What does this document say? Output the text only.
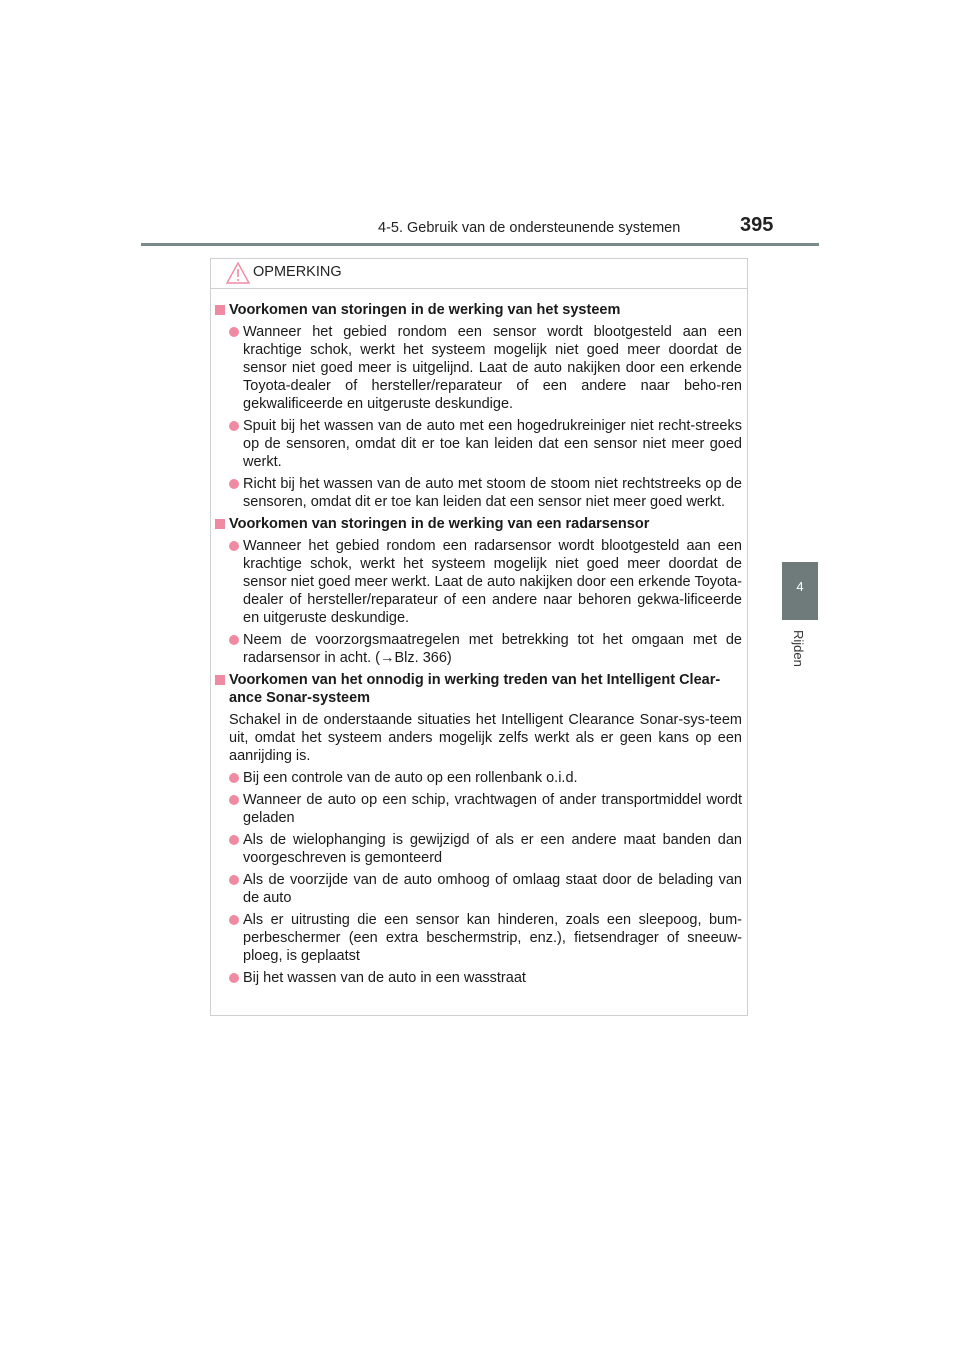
4-5. Gebruik van de ondersteunende systemen	395
4
Rijden
OPMERKING
Voorkomen van storingen in de werking van het systeem
Wanneer het gebied rondom een sensor wordt blootgesteld aan een krachtige schok, werkt het systeem mogelijk niet goed meer doordat de sensor niet goed meer is uitgelijnd. Laat de auto nakijken door een erkende Toyota-dealer of hersteller/reparateur of een andere naar beho-ren gekwalificeerde en uitgeruste deskundige.
Spuit bij het wassen van de auto met een hogedrukreiniger niet recht-streeks op de sensoren, omdat dit er toe kan leiden dat een sensor niet meer goed werkt.
Richt bij het wassen van de auto met stoom de stoom niet rechtstreeks op de sensoren, omdat dit er toe kan leiden dat een sensor niet meer goed werkt.
Voorkomen van storingen in de werking van een radarsensor
Wanneer het gebied rondom een radarsensor wordt blootgesteld aan een krachtige schok, werkt het systeem mogelijk niet goed meer doordat de sensor niet goed meer werkt. Laat de auto nakijken door een erkende Toyota-dealer of hersteller/reparateur of een andere naar behoren gekwa-lificeerde en uitgeruste deskundige.
Neem de voorzorgsmaatregelen met betrekking tot het omgaan met de radarsensor in acht. (→Blz. 366)
Voorkomen van het onnodig in werking treden van het Intelligent Clear-ance Sonar-systeem
Schakel in de onderstaande situaties het Intelligent Clearance Sonar-sys-teem uit, omdat het systeem anders mogelijk zelfs werkt als er geen kans op een aanrijding is.
Bij een controle van de auto op een rollenbank o.i.d.
Wanneer de auto op een schip, vrachtwagen of ander transportmiddel wordt geladen
Als de wielophanging is gewijzigd of als er een andere maat banden dan voorgeschreven is gemonteerd
Als de voorzijde van de auto omhoog of omlaag staat door de belading van de auto
Als er uitrusting die een sensor kan hinderen, zoals een sleepoog, bum-perbeschermer (een extra beschermstrip, enz.), fietsendrager of sneeuw-ploeg, is geplaatst
Bij het wassen van de auto in een wasstraat
